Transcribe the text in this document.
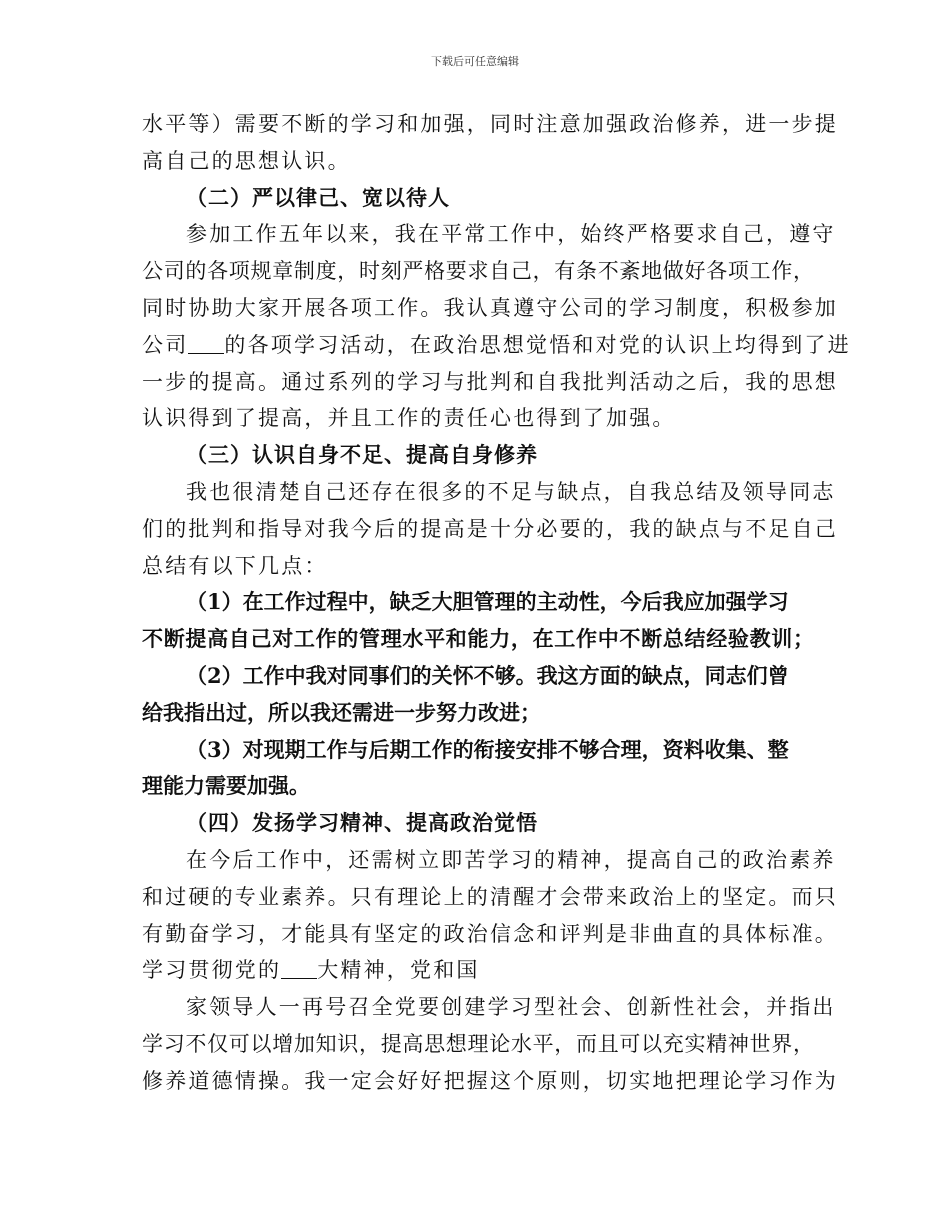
下载后可任意编辑
水平等）需要不断的学习和加强，同时注意加强政治修养，进一步提
高自己的思想认识。
（二）严以律己、宽以待人
参加工作五年以来，我在平常工作中，始终严格要求自己，遵守
公司的各项规章制度，时刻严格要求自己，有条不紊地做好各项工作，
同时协助大家开展各项工作。我认真遵守公司的学习制度，积极参加
公司 的各项学习活动，在政治思想觉悟和对党的认识上均得到了进
一步的提高。通过系列的学习与批判和自我批判活动之后，我的思想
认识得到了提高，并且工作的责任心也得到了加强。
（三）认识自身不足、提高自身修养
我也很清楚自己还存在很多的不足与缺点，自我总结及领导同志
们的批判和指导对我今后的提高是十分必要的，我的缺点与不足自己
总结有以下几点：
（1）在工作过程中，缺乏大胆管理的主动性，今后我应加强学习
不断提高自己对工作的管理水平和能力，在工作中不断总结经验教训；
（2）工作中我对同事们的关怀不够。我这方面的缺点，同志们曾
给我指出过，所以我还需进一步努力改进；
（3）对现期工作与后期工作的衔接安排不够合理，资料收集、整
理能力需要加强。
（四）发扬学习精神、提高政治觉悟
在今后工作中，还需树立即苦学习的精神，提高自己的政治素养
和过硬的专业素养。只有理论上的清醒才会带来政治上的坚定。而只
有勤奋学习，才能具有坚定的政治信念和评判是非曲直的具体标准。
学习贯彻党的 大精神，党和国
家领导人一再号召全党要创建学习型社会、创新性社会，并指出
学习不仅可以增加知识，提高思想理论水平，而且可以充实精神世界，
修养道德情操。我一定会好好把握这个原则，切实地把理论学习作为
